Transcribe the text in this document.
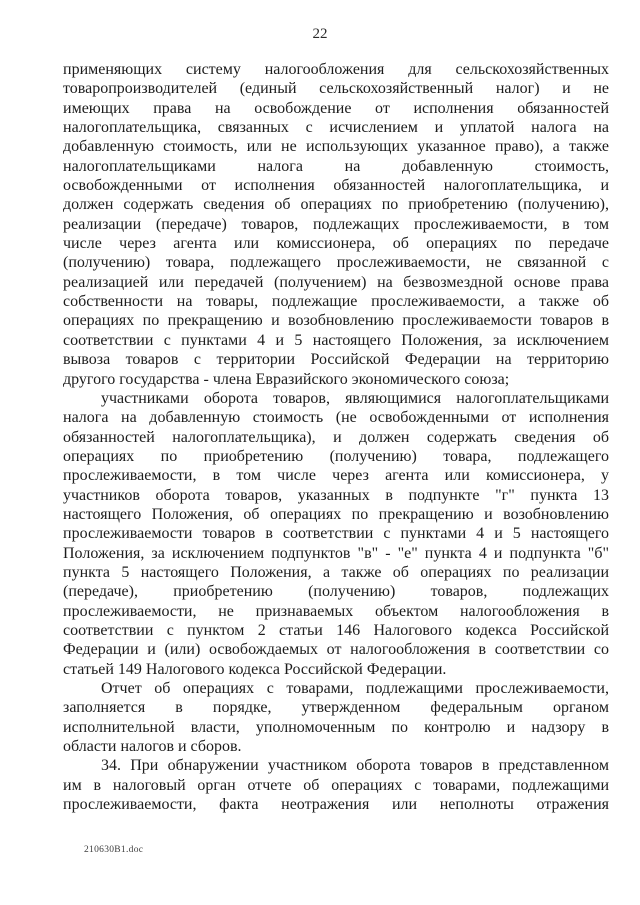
22
применяющих систему налогообложения для сельскохозяйственных
товаропроизводителей (единый сельскохозяйственный налог) и не
имеющих права на освобождение от исполнения обязанностей
налогоплательщика, связанных с исчислением и уплатой налога на
добавленную стоимость, или не использующих указанное право), а также
налогоплательщиками налога на добавленную стоимость,
освобожденными от исполнения обязанностей налогоплательщика, и
должен содержать сведения об операциях по приобретению (получению),
реализации (передаче) товаров, подлежащих прослеживаемости, в том
числе через агента или комиссионера, об операциях по передаче
(получению) товара, подлежащего прослеживаемости, не связанной с
реализацией или передачей (получением) на безвозмездной основе права
собственности на товары, подлежащие прослеживаемости, а также об
операциях по прекращению и возобновлению прослеживаемости товаров в
соответствии с пунктами 4 и 5 настоящего Положения, за исключением
вывоза товаров с территории Российской Федерации на территорию
другого государства - члена Евразийского экономического союза;
участниками оборота товаров, являющимися налогоплательщиками
налога на добавленную стоимость (не освобожденными от исполнения
обязанностей налогоплательщика), и должен содержать сведения об
операциях по приобретению (получению) товара, подлежащего
прослеживаемости, в том числе через агента или комиссионера, у
участников оборота товаров, указанных в подпункте "г" пункта 13
настоящего Положения, об операциях по прекращению и возобновлению
прослеживаемости товаров в соответствии с пунктами 4 и 5 настоящего
Положения, за исключением подпунктов "в" - "е" пункта 4 и подпункта "б"
пункта 5 настоящего Положения, а также об операциях по реализации
(передаче), приобретению (получению) товаров, подлежащих
прослеживаемости, не признаваемых объектом налогообложения в
соответствии с пунктом 2 статьи 146 Налогового кодекса Российской
Федерации и (или) освобождаемых от налогообложения в соответствии со
статьей 149 Налогового кодекса Российской Федерации.
Отчет об операциях с товарами, подлежащими прослеживаемости,
заполняется в порядке, утвержденном федеральным органом
исполнительной власти, уполномоченным по контролю и надзору в
области налогов и сборов.
34. При обнаружении участником оборота товаров в представленном
им в налоговый орган отчете об операциях с товарами, подлежащими
прослеживаемости, факта неотражения или неполноты отражения
210630B1.doc
